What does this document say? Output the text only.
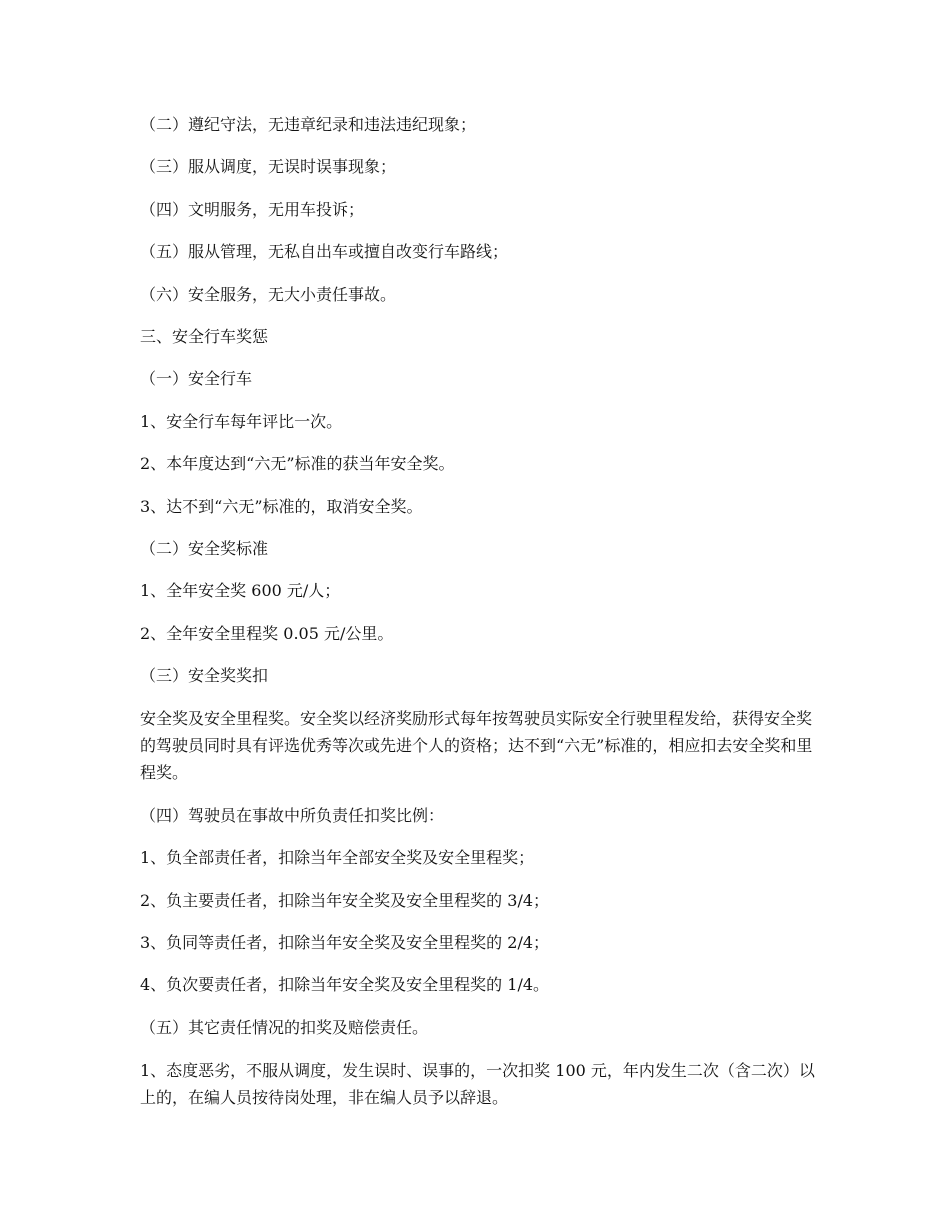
（二）遵纪守法，无违章纪录和违法违纪现象；

（三）服从调度，无误时误事现象；

（四）文明服务，无用车投诉；

（五）服从管理，无私自出车或擅自改变行车路线；

（六）安全服务，无大小责任事故。

三、安全行车奖惩

（一）安全行车

1、安全行车每年评比一次。

2、本年度达到“六无”标准的获当年安全奖。

3、达不到“六无”标准的，取消安全奖。

（二）安全奖标准

1、全年安全奖 600 元/人；

2、全年安全里程奖 0.05 元/公里。

（三）安全奖奖扣

安全奖及安全里程奖。安全奖以经济奖励形式每年按驾驶员实际安全行驶里程发给，获得安全奖的驾驶员同时具有评选优秀等次或先进个人的资格；达不到“六无”标准的，相应扣去安全奖和里程奖。

（四）驾驶员在事故中所负责任扣奖比例：

1、负全部责任者，扣除当年全部安全奖及安全里程奖；

2、负主要责任者，扣除当年安全奖及安全里程奖的 3/4；

3、负同等责任者，扣除当年安全奖及安全里程奖的 2/4；

4、负次要责任者，扣除当年安全奖及安全里程奖的 1/4。

（五）其它责任情况的扣奖及赔偿责任。

1、态度恶劣，不服从调度，发生误时、误事的，一次扣奖 100 元，年内发生二次（含二次）以上的，在编人员按待岗处理，非在编人员予以辞退。
